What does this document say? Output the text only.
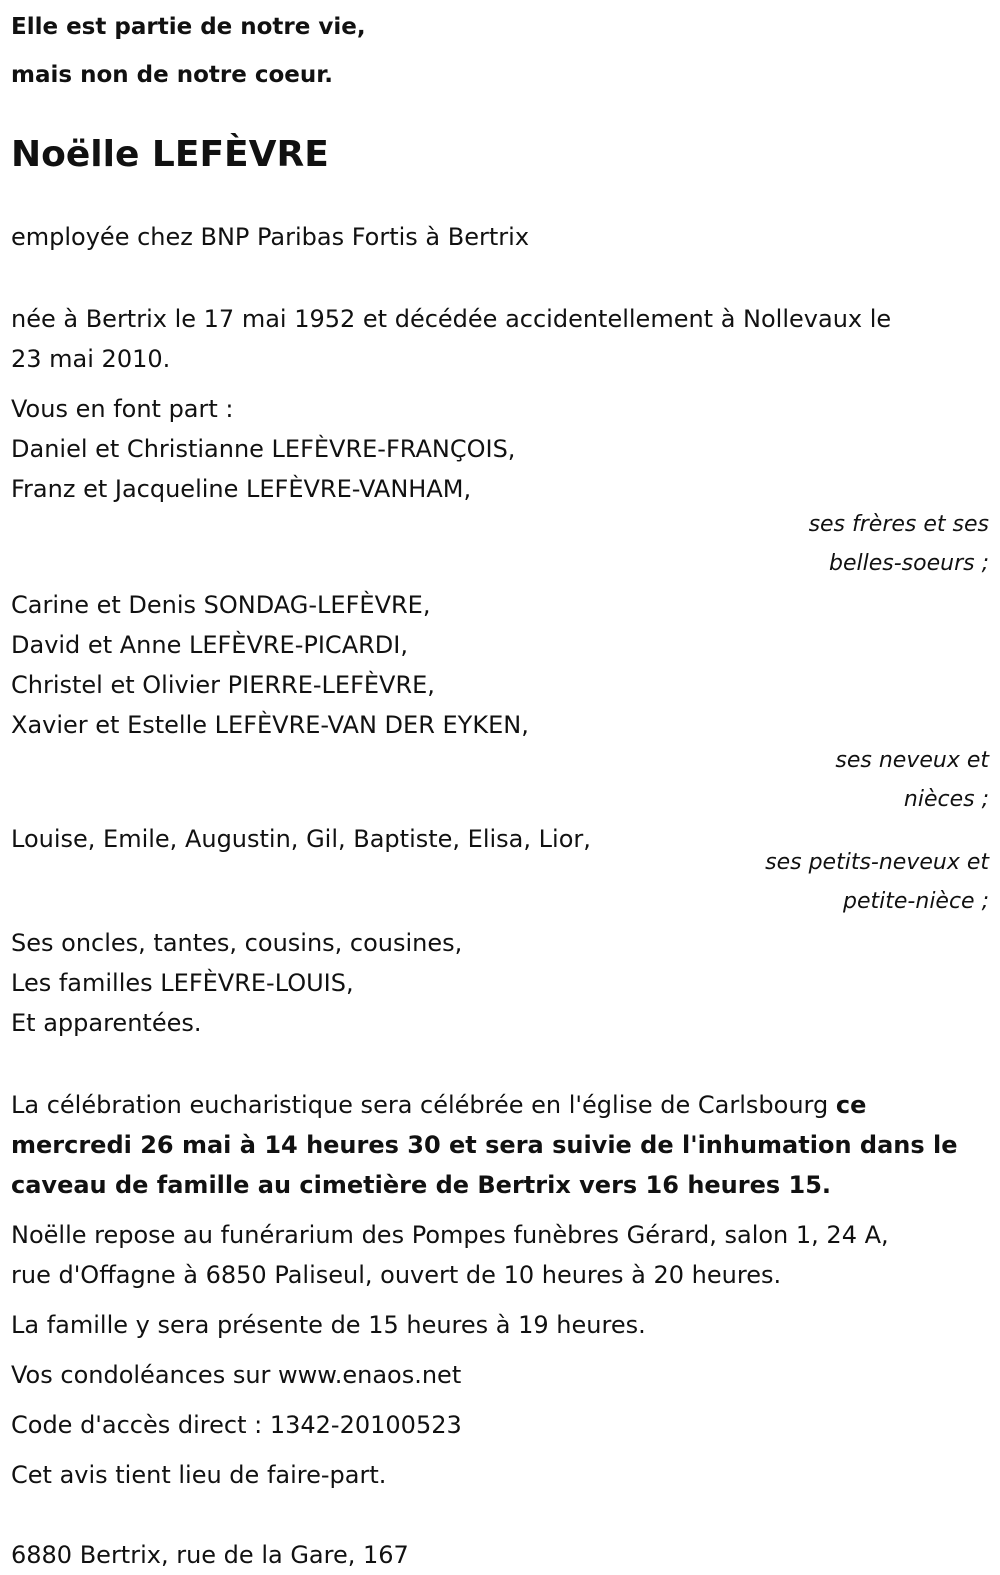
Elle est partie de notre vie,
mais non de notre coeur.
Noëlle LEFÈVRE
employée chez BNP Paribas Fortis à Bertrix
née à Bertrix le 17 mai 1952 et décédée accidentellement à Nollevaux le
23 mai 2010.
Vous en font part :
Daniel et Christianne LEFÈVRE-FRANÇOIS,
Franz et Jacqueline LEFÈVRE-VANHAM,
ses frères et ses
belles-soeurs ;
Carine et Denis SONDAG-LEFÈVRE,
David et Anne LEFÈVRE-PICARDI,
Christel et Olivier PIERRE-LEFÈVRE,
Xavier et Estelle LEFÈVRE-VAN DER EYKEN,
ses neveux et
nièces ;
Louise, Emile, Augustin, Gil, Baptiste, Elisa, Lior,
ses petits-neveux et
petite-nièce ;
Ses oncles, tantes, cousins, cousines,
Les familles LEFÈVRE-LOUIS,
Et apparentées.
La célébration eucharistique sera célébrée en l'église de Carlsbourg ce
mercredi 26 mai à 14 heures 30 et sera suivie de l'inhumation dans le
caveau de famille au cimetière de Bertrix vers 16 heures 15.
Noëlle repose au funérarium des Pompes funèbres Gérard, salon 1, 24 A,
rue d'Offagne à 6850 Paliseul, ouvert de 10 heures à 20 heures.
La famille y sera présente de 15 heures à 19 heures.
Vos condoléances sur www.enaos.net
Code d'accès direct : 1342-20100523
Cet avis tient lieu de faire-part.
6880 Bertrix, rue de la Gare, 167
